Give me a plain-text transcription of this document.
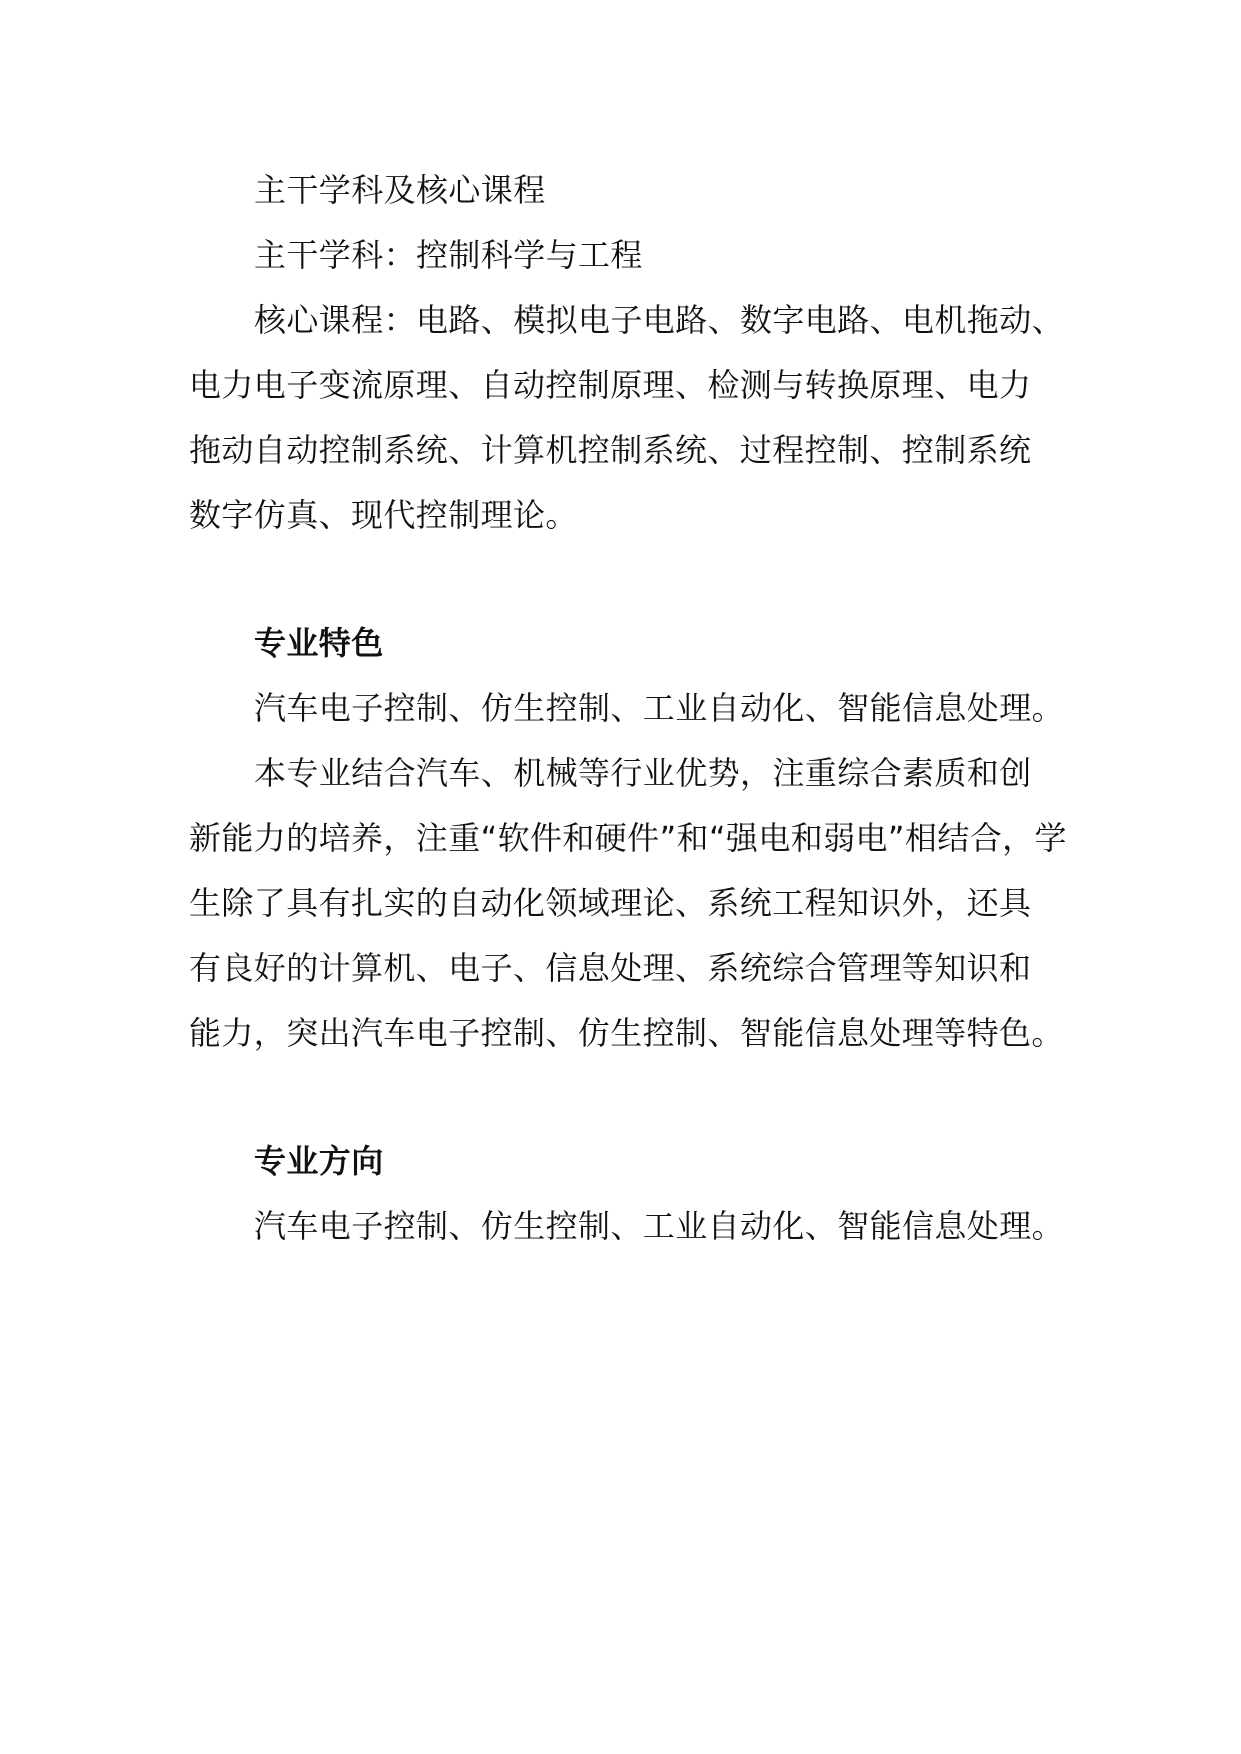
主干学科及核心课程
主干学科：控制科学与工程
核心课程：电路、模拟电子电路、数字电路、电机拖动、
电力电子变流原理、自动控制原理、检测与转换原理、电力
拖动自动控制系统、计算机控制系统、过程控制、控制系统
数字仿真、现代控制理论。
专业特色
汽车电子控制、仿生控制、工业自动化、智能信息处理。
本专业结合汽车、机械等行业优势，注重综合素质和创
新能力的培养，注重“软件和硬件”和“强电和弱电”相结合，学
生除了具有扎实的自动化领域理论、系统工程知识外，还具
有良好的计算机、电子、信息处理、系统综合管理等知识和
能力，突出汽车电子控制、仿生控制、智能信息处理等特色。
专业方向
汽车电子控制、仿生控制、工业自动化、智能信息处理。
